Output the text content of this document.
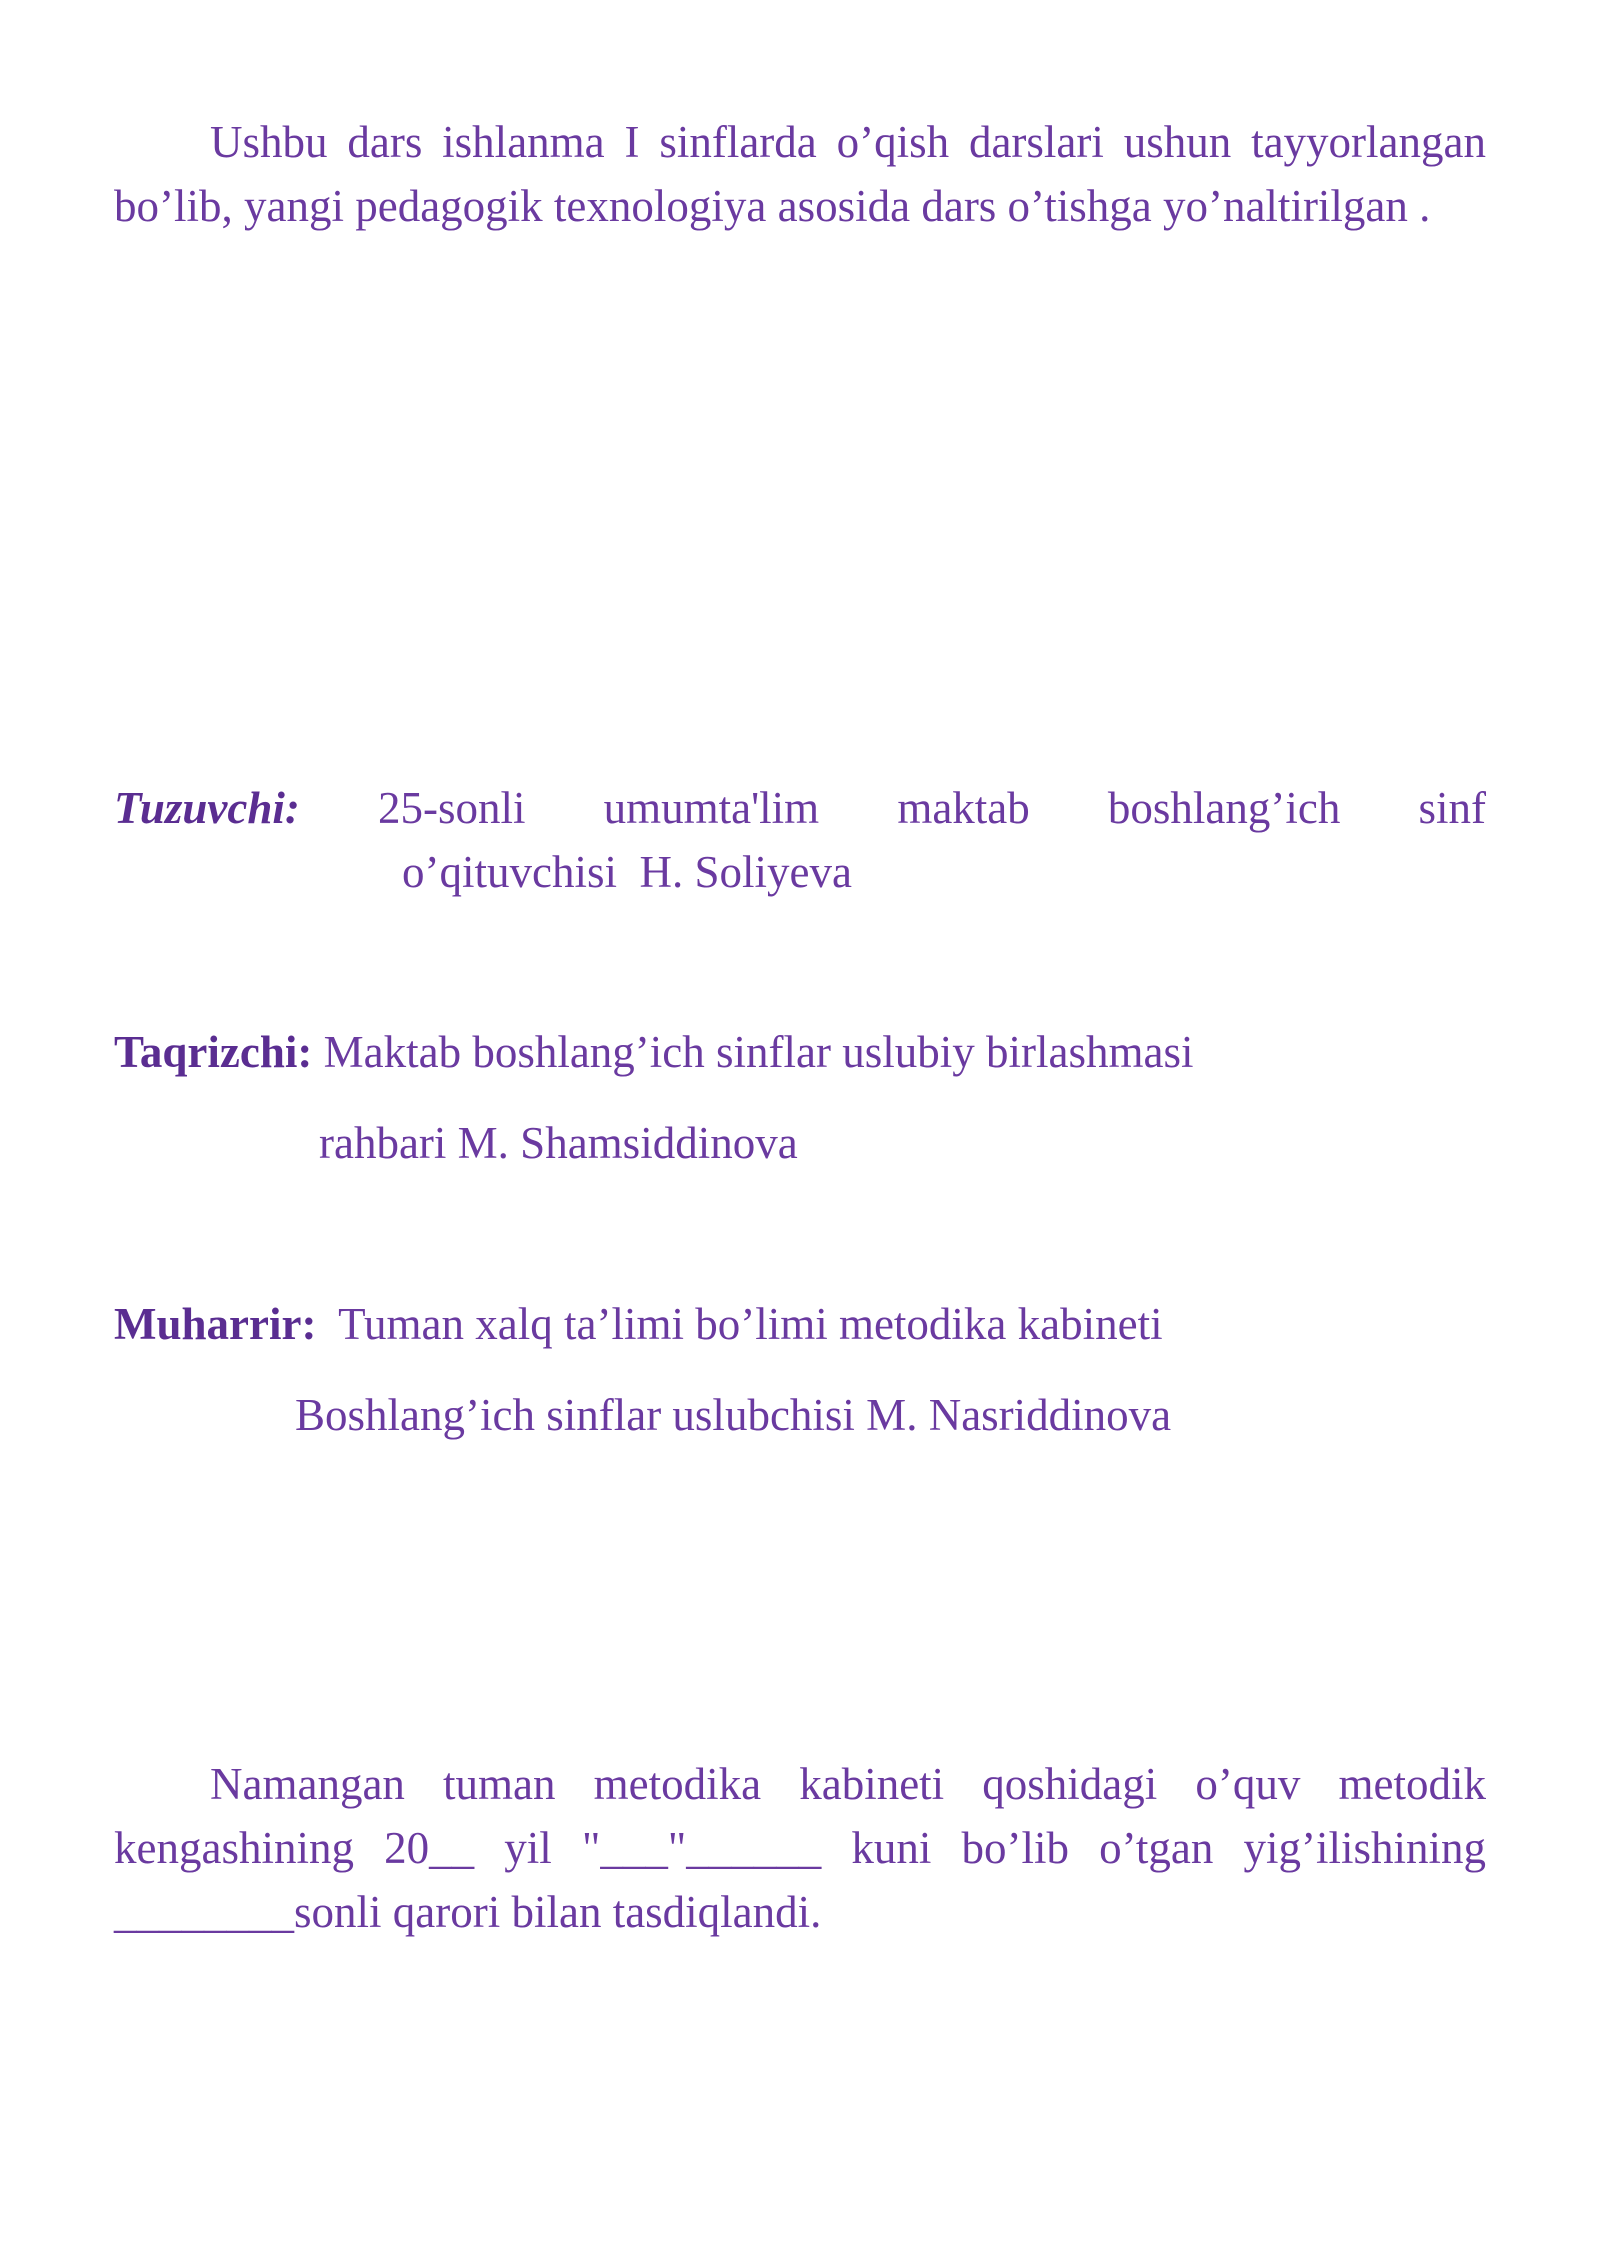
Ushbu dars ishlanma I sinflarda o’qish darslari ushun tayyorlangan bo’lib, yangi pedagogik texnologiya asosida dars o’tishga yo’naltirilgan .
Tuzuvchi: 25-sonli umumta'lim maktab boshlang’ich sinf
o’qituvchisi  H. Soliyeva
Taqrizchi: Maktab boshlang’ich sinflar uslubiy birlashmasi
rahbari M. Shamsiddinova
Muharrir:  Tuman xalq ta’limi bo’limi metodika kabineti
Boshlang’ich sinflar uslubchisi M. Nasriddinova
Namangan tuman metodika kabineti qoshidagi o’quv metodik kengashining 20__ yil "___"______ kuni bo’lib o’tgan yig’ilishining ________sonli qarori bilan tasdiqlandi.
